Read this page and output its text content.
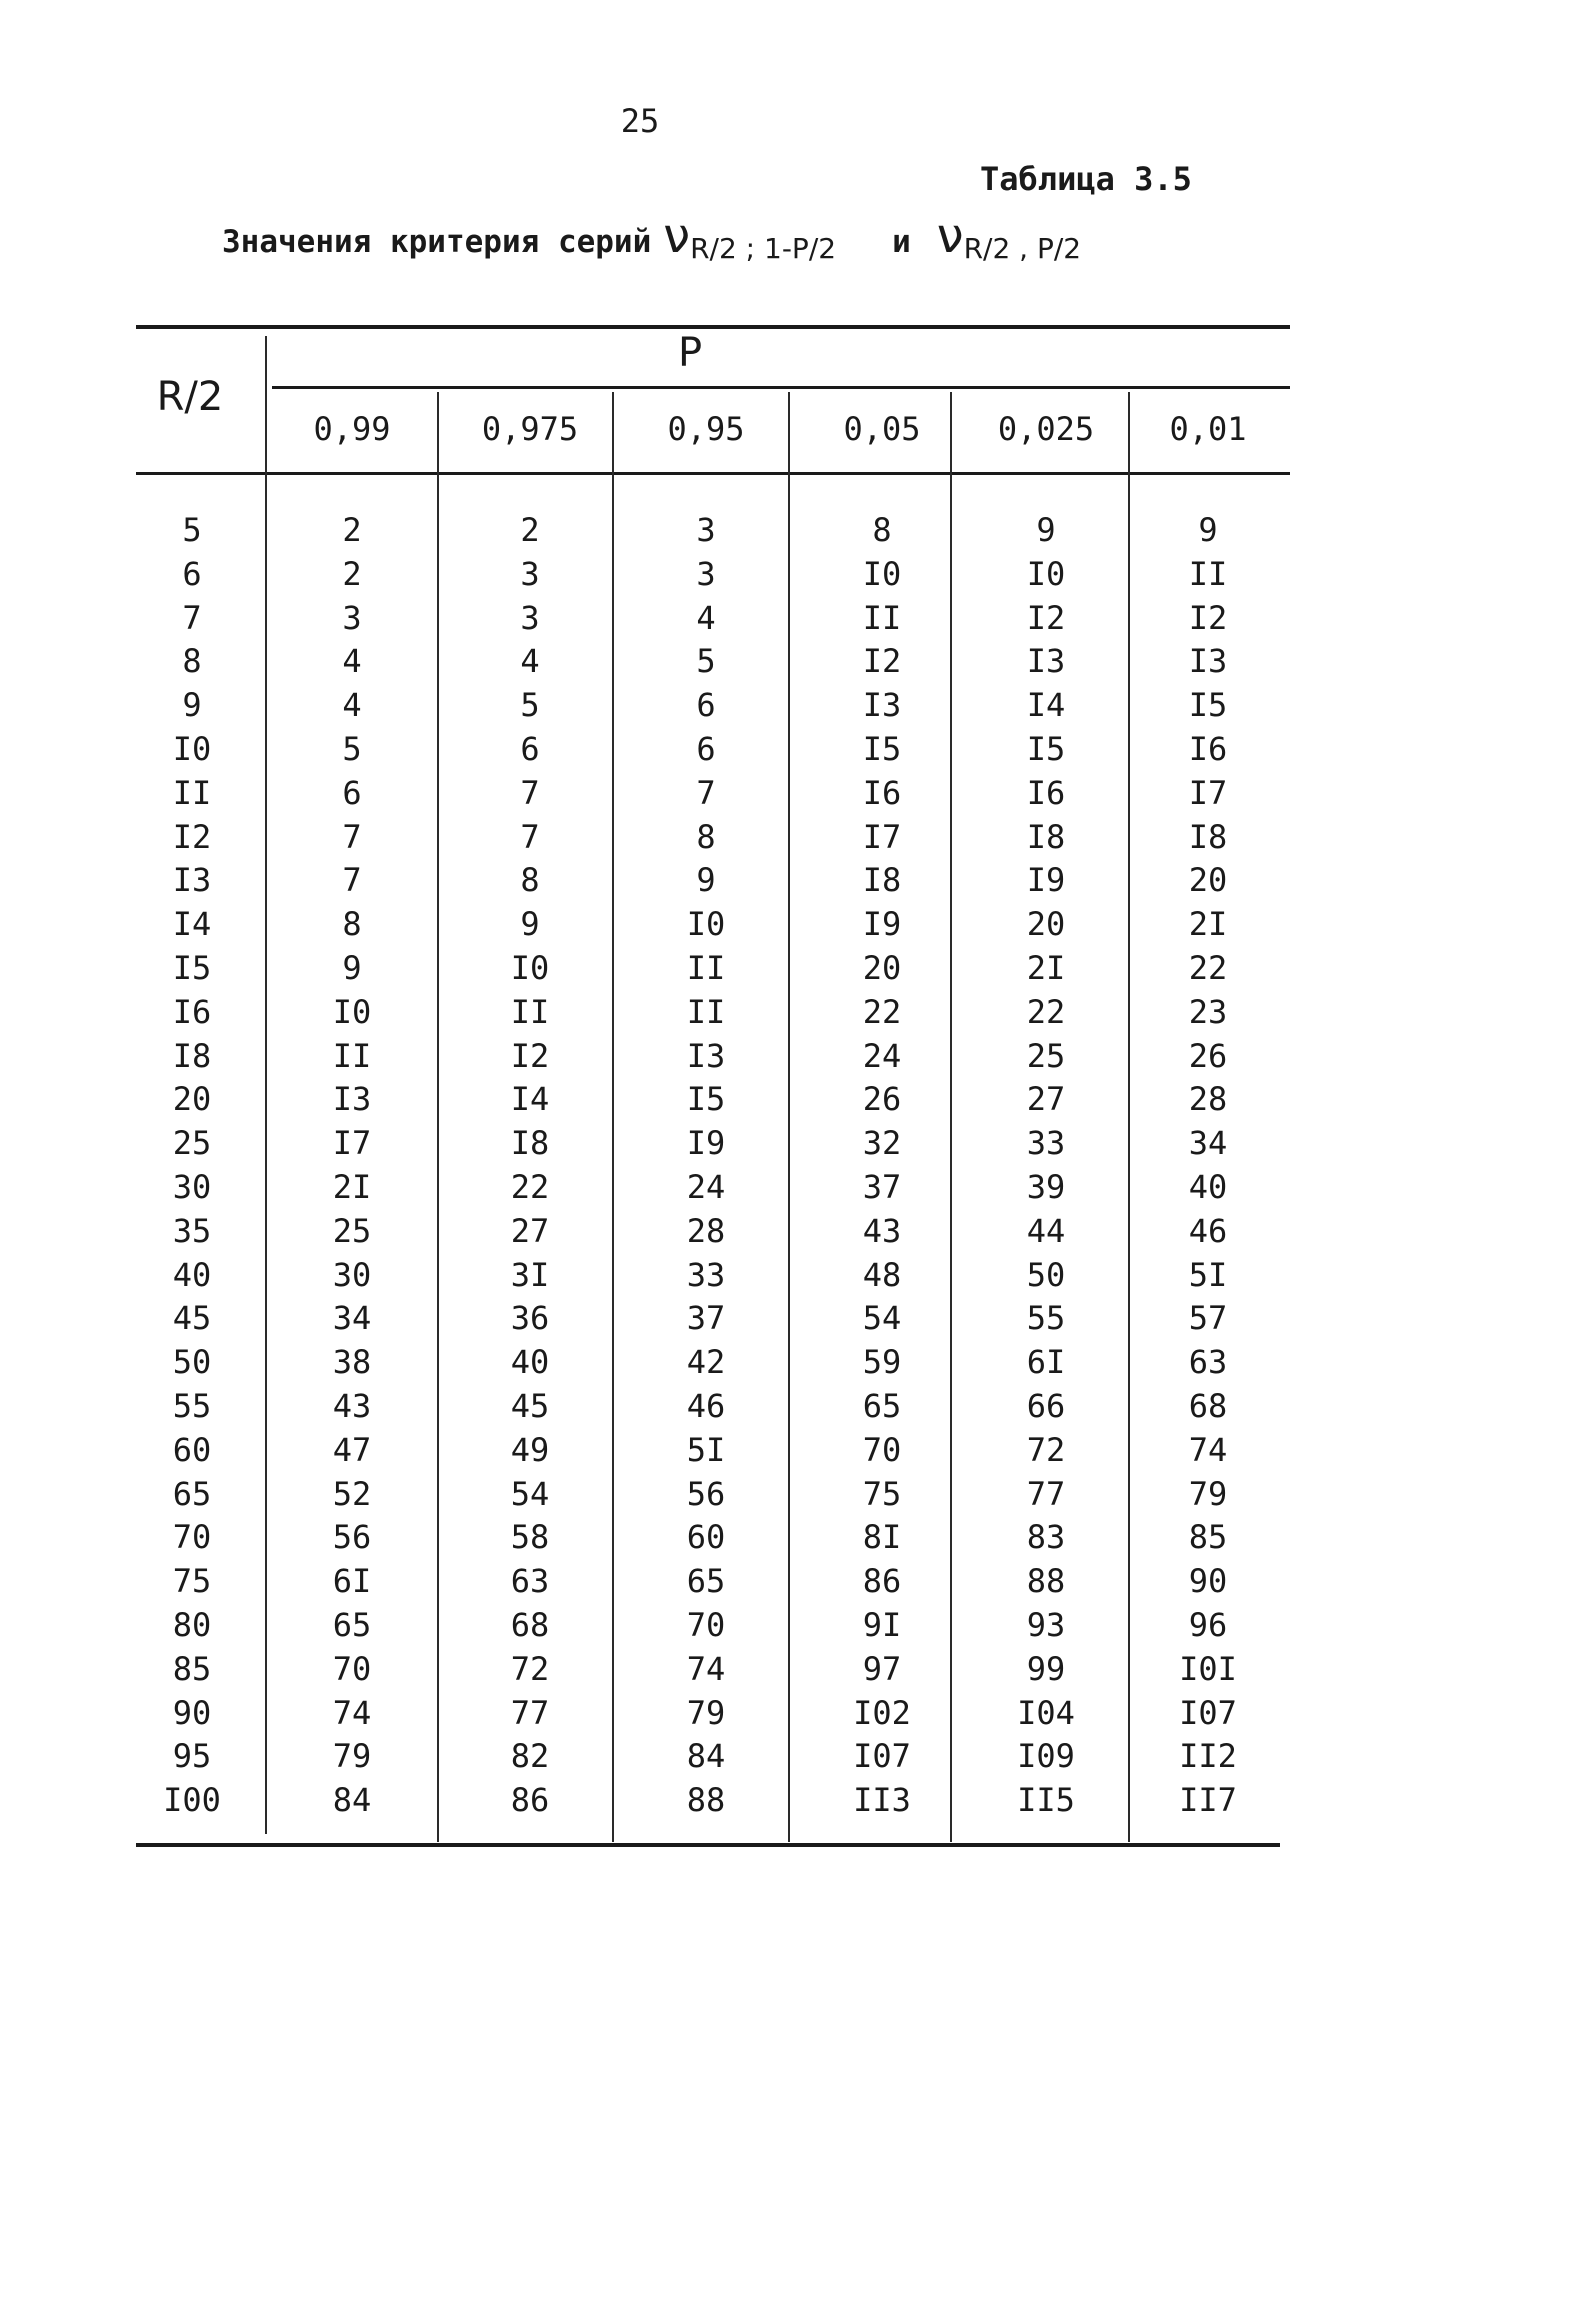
25
Таблица 3.5
Значения критерия серий ν R/2 ; 1-P/2 и ν R/2 , P/2
R/2
P
0,99	0,975	0,95	0,05	0,025	0,01
5	2	2	3	8	9	9
6	2	3	3	I0	I0	II
7	3	3	4	II	I2	I2
8	4	4	5	I2	I3	I3
9	4	5	6	I3	I4	I5
I0	5	6	6	I5	I5	I6
II	6	7	7	I6	I6	I7
I2	7	7	8	I7	I8	I8
I3	7	8	9	I8	I9	20
I4	8	9	I0	I9	20	2I
I5	9	I0	II	20	2I	22
I6	I0	II	II	22	22	23
I8	II	I2	I3	24	25	26
20	I3	I4	I5	26	27	28
25	I7	I8	I9	32	33	34
30	2I	22	24	37	39	40
35	25	27	28	43	44	46
40	30	3I	33	48	50	5I
45	34	36	37	54	55	57
50	38	40	42	59	6I	63
55	43	45	46	65	66	68
60	47	49	5I	70	72	74
65	52	54	56	75	77	79
70	56	58	60	8I	83	85
75	6I	63	65	86	88	90
80	65	68	70	9I	93	96
85	70	72	74	97	99	I0I
90	74	77	79	I02	I04	I07
95	79	82	84	I07	I09	II2
I00	84	86	88	II3	II5	II7
